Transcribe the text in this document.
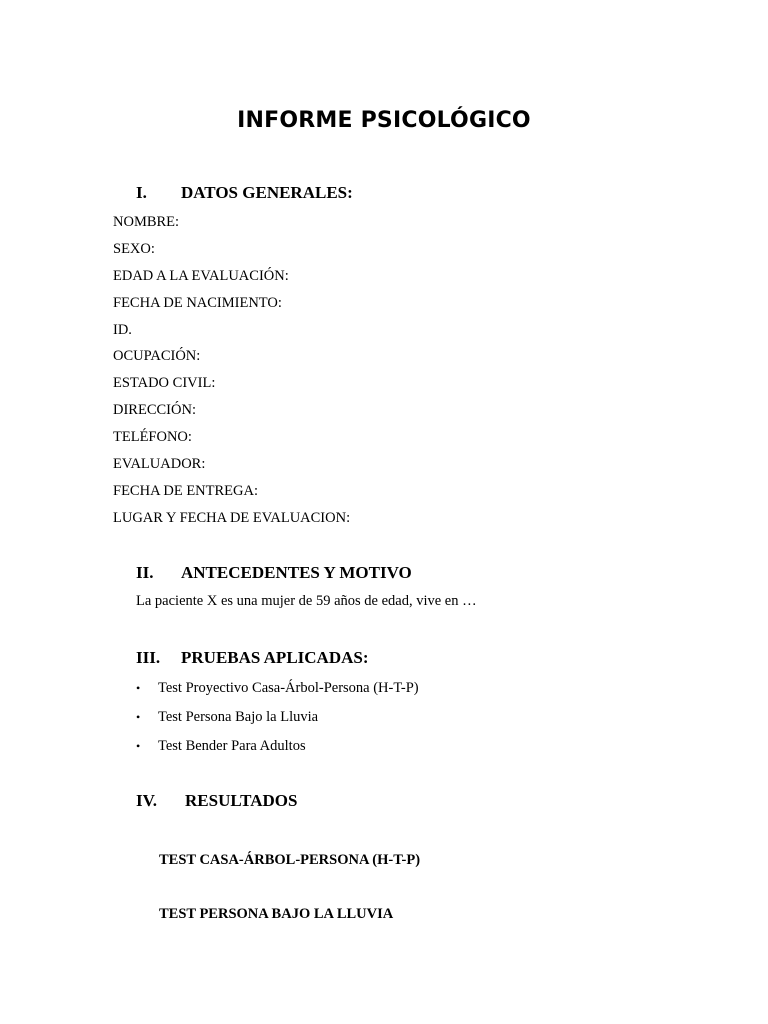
INFORME PSICOLÓGICO
I. DATOS GENERALES:
NOMBRE:
SEXO:
EDAD A LA EVALUACIÓN:
FECHA DE NACIMIENTO:
ID.
OCUPACIÓN:
ESTADO CIVIL:
DIRECCIÓN:
TELÉFONO:
EVALUADOR:
FECHA DE ENTREGA:
LUGAR Y FECHA DE EVALUACION:
II. ANTECEDENTES Y MOTIVO
La paciente X es una mujer de 59 años de edad, vive en …
III. PRUEBAS APLICADAS:
• Test Proyectivo Casa-Árbol-Persona (H-T-P)
• Test Persona Bajo la Lluvia
• Test Bender Para Adultos
IV. RESULTADOS
TEST CASA-ÁRBOL-PERSONA (H-T-P)
TEST PERSONA BAJO LA LLUVIA
